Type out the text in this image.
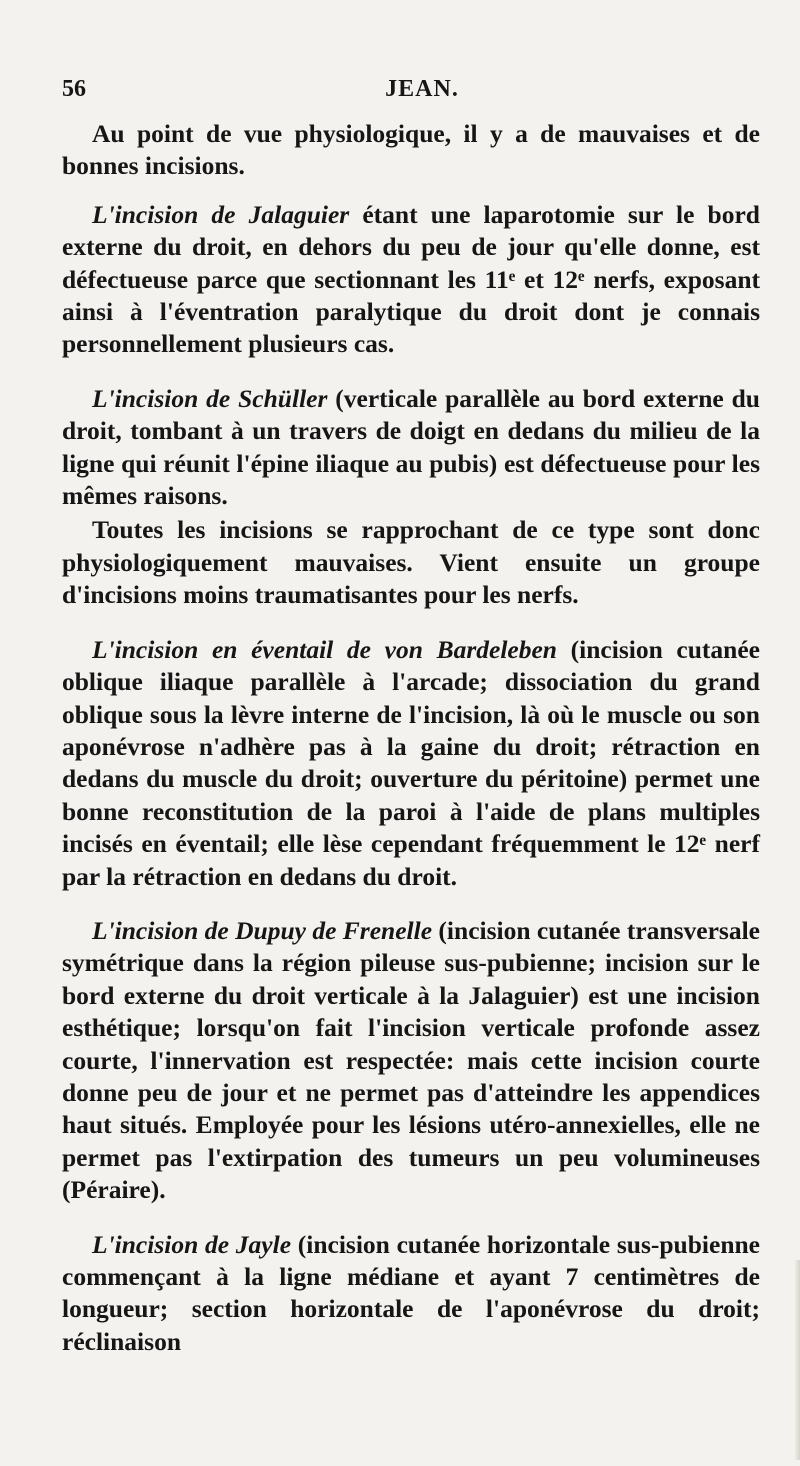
56	JEAN.

Au point de vue physiologique, il y a de mauvaises et de bonnes incisions.

L'incision de Jalaguier étant une laparotomie sur le bord externe du droit, en dehors du peu de jour qu'elle donne, est défectueuse parce que sectionnant les 11ᵉ et 12ᵉ nerfs, exposant ainsi à l'éventration paralytique du droit dont je connais personnellement plusieurs cas.

L'incision de Schüller (verticale parallèle au bord externe du droit, tombant à un travers de doigt en dedans du milieu de la ligne qui réunit l'épine iliaque au pubis) est défectueuse pour les mêmes raisons.

Toutes les incisions se rapprochant de ce type sont donc physiologiquement mauvaises. Vient ensuite un groupe d'incisions moins traumatisantes pour les nerfs.

L'incision en éventail de von Bardeleben (incision cutanée oblique iliaque parallèle à l'arcade; dissociation du grand oblique sous la lèvre interne de l'incision, là où le muscle ou son aponévrose n'adhère pas à la gaine du droit; rétraction en dedans du muscle du droit; ouverture du péritoine) permet une bonne reconstitution de la paroi à l'aide de plans multiples incisés en éventail; elle lèse cependant fréquemment le 12ᵉ nerf par la rétraction en dedans du droit.

L'incision de Dupuy de Frenelle (incision cutanée transversale symétrique dans la région pileuse sus-pubienne; incision sur le bord externe du droit verticale à la Jalaguier) est une incision esthétique; lorsqu'on fait l'incision verticale profonde assez courte, l'innervation est respectée: mais cette incision courte donne peu de jour et ne permet pas d'atteindre les appendices haut situés. Employée pour les lésions utéro-annexielles, elle ne permet pas l'extirpation des tumeurs un peu volumineuses (Péraire).

L'incision de Jayle (incision cutanée horizontale sus-pubienne commençant à la ligne médiane et ayant 7 centimètres de longueur; section horizontale de l'aponévrose du droit; réclinaison
